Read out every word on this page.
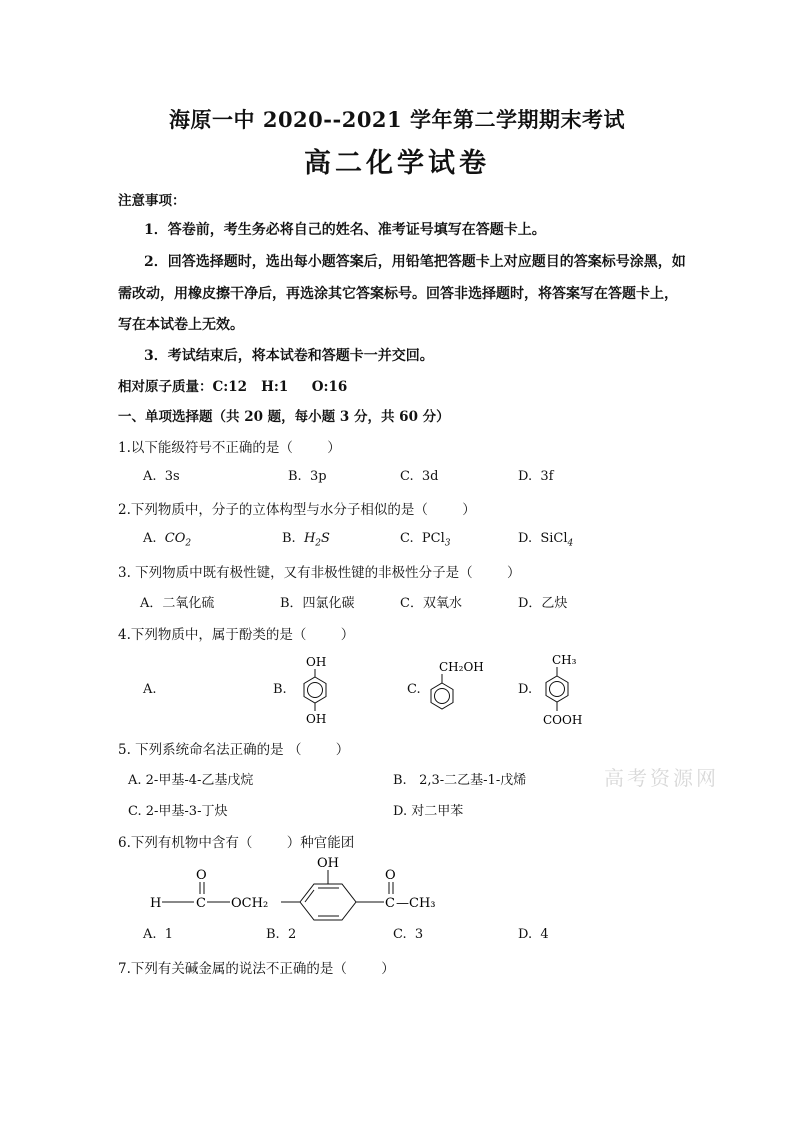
海原一中 2020--2021 学年第二学期期末考试
高二化学试卷
注意事项：
1．答卷前，考生务必将自己的姓名、准考证号填写在答题卡上。
2．回答选择题时，选出每小题答案后，用铅笔把答题卡上对应题目的答案标号涂黑，如
需改动，用橡皮擦干净后，再选涂其它答案标号。回答非选择题时，将答案写在答题卡上，
写在本试卷上无效。
3．考试结束后，将本试卷和答题卡一并交回。
相对原子质量：C:12   H:1     O:16
一、单项选择题（共 20 题，每小题 3 分，共 60 分）
1.以下能级符号不正确的是（        ）
A.  3s	B.  3p	C.  3d	D.  3f
2.下列物质中，分子的立体构型与水分子相似的是（        ）
A. $CO_2$	B. $H_2S$	C. PCl$_3$	D. SiCl$_4$
3. 下列物质中既有极性键，又有非极性键的非极性分子是（        ）
A．二氧化硫	B．四氯化碳	C．双氧水	D．乙炔
4.下列物质中，属于酚类的是（        ）
A.	B.	C.	D.
OH
OH
CH₂OH	CH₃
COOH
5. 下列系统命名法正确的是 （        ）
A. 2-甲基-4-乙基戊烷	B.   2,3-二乙基-1-戊烯
C. 2-甲基-3-丁炔	D. 对二甲苯
高考资源网
6.下列有机物中含有（        ）种官能团
H	C
O
OCH₂
OH
O
C —CH₃
A.  1	B.  2	C.  3	D.  4
7.下列有关碱金属的说法不正确的是（        ）
